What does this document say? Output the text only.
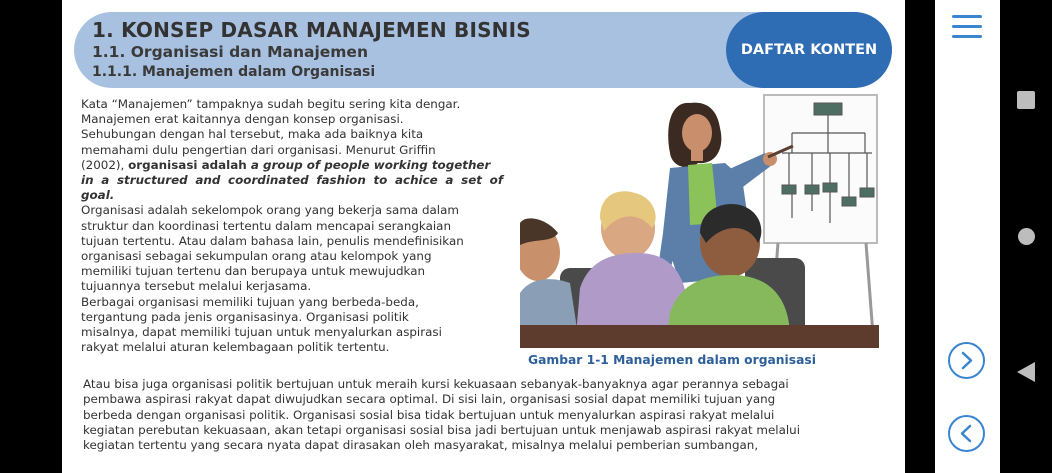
1. KONSEP DASAR MANAJEMEN BISNIS
1.1. Organisasi dan Manajemen
1.1.1. Manajemen dalam Organisasi
DAFTAR KONTEN

Kata “Manajemen” tampaknya sudah begitu sering kita dengar.
Manajemen erat kaitannya dengan konsep organisasi.
Sehubungan dengan hal tersebut, maka ada baiknya kita
memahami dulu pengertian dari organisasi. Menurut Griffin
(2002), organisasi adalah a group of people working together
in a structured and coordinated fashion to achice a set of goal.
Organisasi adalah sekelompok orang yang bekerja sama dalam
struktur dan koordinasi tertentu dalam mencapai serangkaian
tujuan tertentu. Atau dalam bahasa lain, penulis mendefinisikan
organisasi sebagai sekumpulan orang atau kelompok yang
memiliki tujuan tertenu dan berupaya untuk mewujudkan
tujuannya tersebut melalui kerjasama.
Berbagai organisasi memiliki tujuan yang berbeda-beda,
tergantung pada jenis organisasinya. Organisasi politik
misalnya, dapat memiliki tujuan untuk menyalurkan aspirasi
rakyat melalui aturan kelembagaan politik tertentu.

Gambar 1-1 Manajemen dalam organisasi

Atau bisa juga organisasi politik bertujuan untuk meraih kursi kekuasaan sebanyak-banyaknya agar perannya sebagai
pembawa aspirasi rakyat dapat diwujudkan secara optimal. Di sisi lain, organisasi sosial dapat memiliki tujuan yang
berbeda dengan organisasi politik. Organisasi sosial bisa tidak bertujuan untuk menyalurkan aspirasi rakyat melalui
kegiatan perebutan kekuasaan, akan tetapi organisasi sosial bisa jadi bertujuan untuk menjawab aspirasi rakyat melalui
kegiatan tertentu yang secara nyata dapat dirasakan oleh masyarakat, misalnya melalui pemberian sumbangan,
